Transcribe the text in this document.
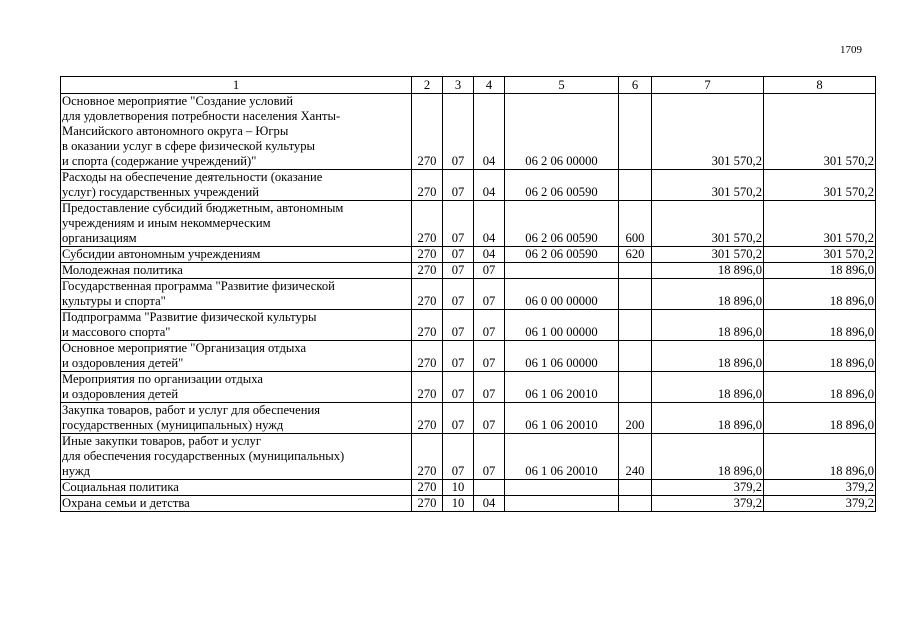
1709
1	2	3	4	5	6	7	8
Основное мероприятие "Создание условий
для удовлетворения потребности населения Ханты-
Мансийского автономного округа – Югры
в оказании услуг в сфере физической культуры
и спорта (содержание учреждений)"	270	07	04	06 2 06 00000		301 570,2	301 570,2
Расходы на обеспечение деятельности (оказание
услуг) государственных учреждений	270	07	04	06 2 06 00590		301 570,2	301 570,2
Предоставление субсидий бюджетным, автономным
учреждениям и иным некоммерческим
организациям	270	07	04	06 2 06 00590	600	301 570,2	301 570,2
Субсидии автономным учреждениям	270	07	04	06 2 06 00590	620	301 570,2	301 570,2
Молодежная политика	270	07	07			18 896,0	18 896,0
Государственная программа "Развитие физической
культуры и спорта"	270	07	07	06 0 00 00000		18 896,0	18 896,0
Подпрограмма "Развитие физической культуры
и массового спорта"	270	07	07	06 1 00 00000		18 896,0	18 896,0
Основное мероприятие "Организация отдыха
и оздоровления детей"	270	07	07	06 1 06 00000		18 896,0	18 896,0
Мероприятия по организации отдыха
и оздоровления детей	270	07	07	06 1 06 20010		18 896,0	18 896,0
Закупка товаров, работ и услуг для обеспечения
государственных (муниципальных) нужд	270	07	07	06 1 06 20010	200	18 896,0	18 896,0
Иные закупки товаров, работ и услуг
для обеспечения государственных (муниципальных)
нужд	270	07	07	06 1 06 20010	240	18 896,0	18 896,0
Социальная политика	270	10				379,2	379,2
Охрана семьи и детства	270	10	04			379,2	379,2
